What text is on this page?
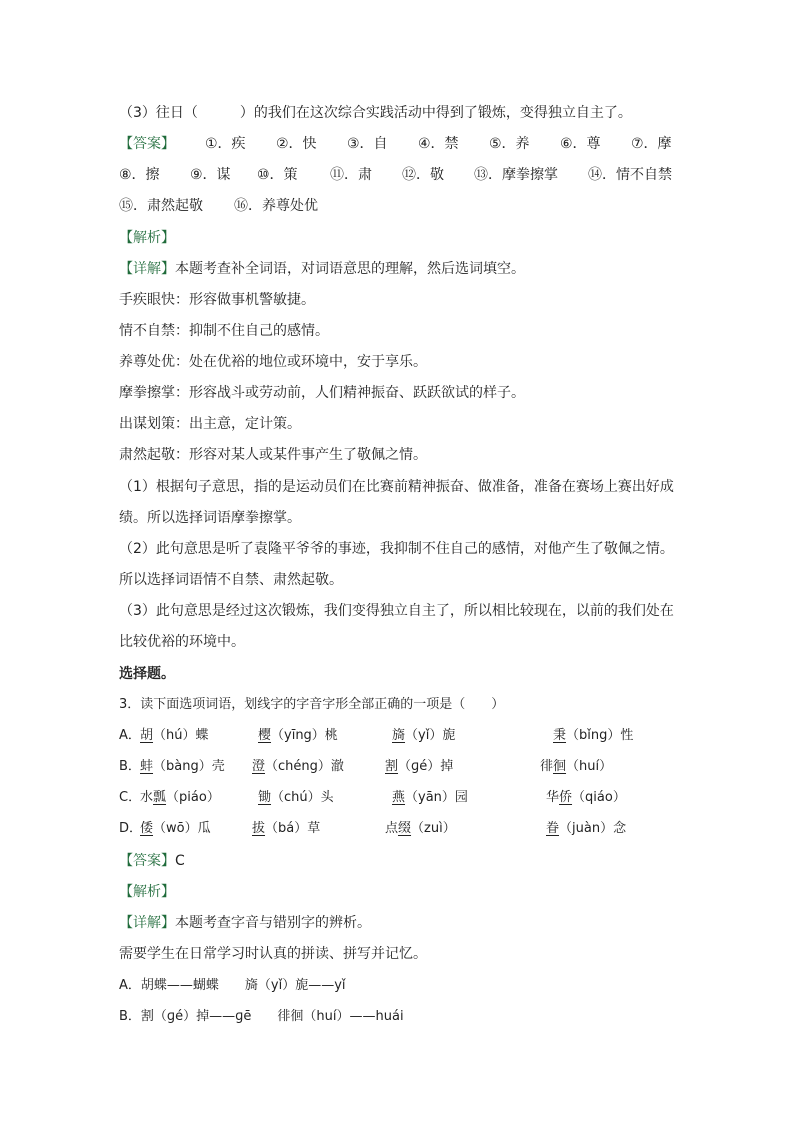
（3）往日（　　　）的我们在这次综合实践活动中得到了锻炼，变得独立自主了。
【答案】 ①．疾 ②．快 ③．自 ④．禁 ⑤．养 ⑥．尊 ⑦．摩
⑧．擦 ⑨．谋 ⑩．策 ⑪．肃 ⑫．敬 ⑬．摩拳擦掌 ⑭．情不自禁
⑮．肃然起敬 ⑯．养尊处优
【解析】
【详解】本题考查补全词语，对词语意思的理解，然后选词填空。
手疾眼快：形容做事机警敏捷。
情不自禁：抑制不住自己的感情。
养尊处优：处在优裕的地位或环境中，安于享乐。
摩拳擦掌：形容战斗或劳动前，人们精神振奋、跃跃欲试的样子。
出谋划策：出主意，定计策。
肃然起敬：形容对某人或某件事产生了敬佩之情。
（1）根据句子意思，指的是运动员们在比赛前精神振奋、做准备，准备在赛场上赛出好成
绩。所以选择词语摩拳擦掌。
（2）此句意思是听了袁隆平爷爷的事迹，我抑制不住自己的感情，对他产生了敬佩之情。
所以选择词语情不自禁、肃然起敬。
（3）此句意思是经过这次锻炼，我们变得独立自主了，所以相比较现在，以前的我们处在
比较优裕的环境中。
选择题。
3．读下面选项词语，划线字的字音字形全部正确的一项是（　　）
A． 胡（hú）蝶	樱（yīng）桃	旖（yǐ）旎	秉（bǐng）性
B． 蚌（bàng）壳 澄（chéng）澈	割（ɡé）掉	徘徊（huí）
C．
水瓢（piáo）	锄（chú）头	燕（yān）园	华侨（qiáo）
D．
倭（wō）瓜	拔（bá）草	点缀（zuì）	眷（juàn）念
【答案】C
【解析】
【详解】本题考查字音与错别字的辨析。
需要学生在日常学习时认真的拼读、拼写并记忆。
A．胡蝶——蝴蝶　　旖（yǐ）旎——yǐ
B．割（ɡé）掉——ɡē　　徘徊（huí）——huái
